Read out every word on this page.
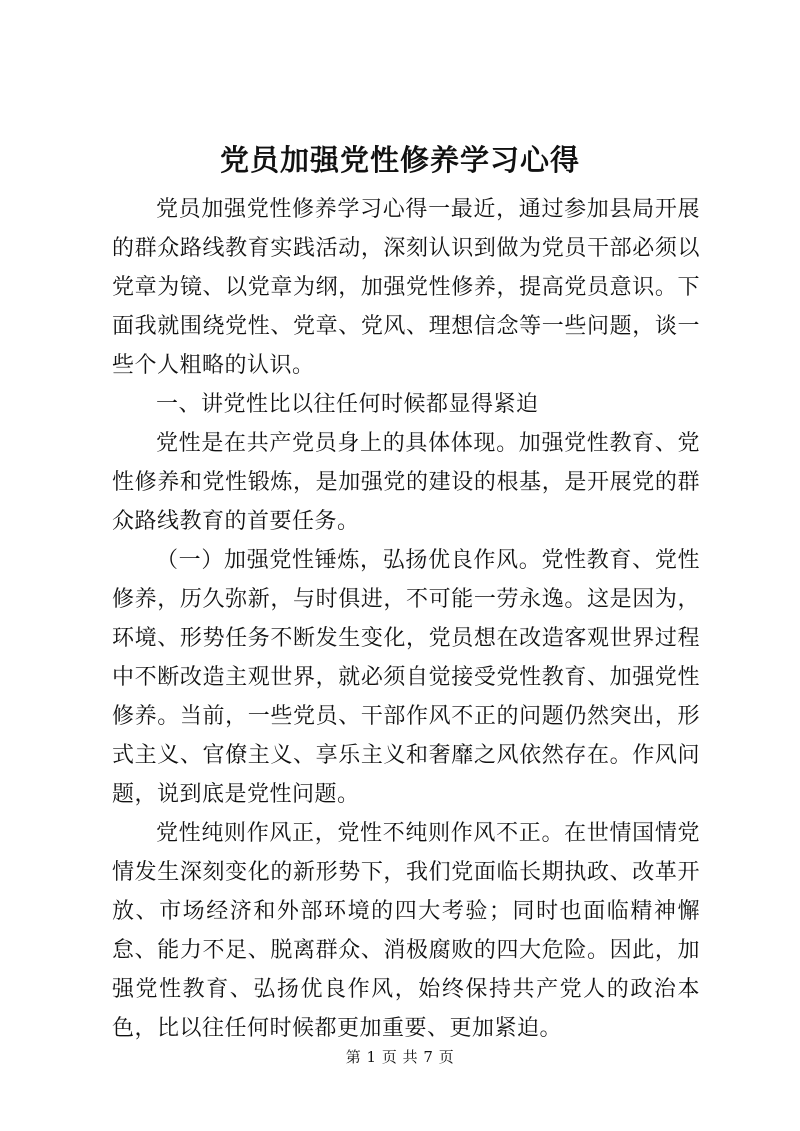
党员加强党性修养学习心得

党员加强党性修养学习心得一最近，通过参加县局开展的群众路线教育实践活动，深刻认识到做为党员干部必须以党章为镜、以党章为纲，加强党性修养，提高党员意识。下面我就围绕党性、党章、党风、理想信念等一些问题，谈一些个人粗略的认识。

一、讲党性比以往任何时候都显得紧迫

党性是在共产党员身上的具体体现。加强党性教育、党性修养和党性锻炼，是加强党的建设的根基，是开展党的群众路线教育的首要任务。

（一）加强党性锤炼，弘扬优良作风。党性教育、党性修养，历久弥新，与时俱进，不可能一劳永逸。这是因为，环境、形势任务不断发生变化，党员想在改造客观世界过程中不断改造主观世界，就必须自觉接受党性教育、加强党性修养。当前，一些党员、干部作风不正的问题仍然突出，形式主义、官僚主义、享乐主义和奢靡之风依然存在。作风问题，说到底是党性问题。

党性纯则作风正，党性不纯则作风不正。在世情国情党情发生深刻变化的新形势下，我们党面临长期执政、改革开放、市场经济和外部环境的四大考验；同时也面临精神懈怠、能力不足、脱离群众、消极腐败的四大危险。因此，加强党性教育、弘扬优良作风，始终保持共产党人的政治本色，比以往任何时候都更加重要、更加紧迫。

第 1 页 共 7 页
